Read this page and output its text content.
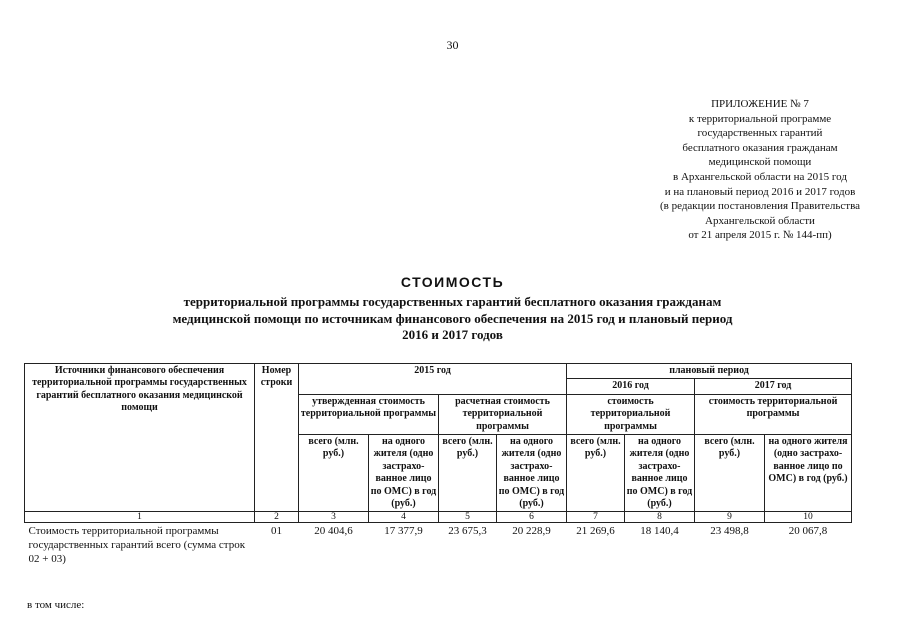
30
ПРИЛОЖЕНИЕ № 7
к территориальной программе
государственных гарантий
бесплатного оказания гражданам
медицинской помощи
в Архангельской области на 2015 год
и на плановый период 2016 и 2017 годов
(в редакции постановления Правительства
Архангельской области
от 21 апреля 2015 г. № 144-пп)
СТОИМОСТЬ
территориальной программы государственных гарантий бесплатного оказания гражданам
медицинской помощи по источникам финансового обеспечения на 2015 год и плановый период
2016 и 2017 годов
Источники финансового обеспечения территориальной программы государственных гарантий бесплатного оказания медицинской помощи	Номер строки	2015 год				плановый период			
						2016 год		2017 год	
		утвержденная стоимость территориальной программы		расчетная стоимость территориальной программы		стоимость территориальной программы		стоимость территориальной программы	
		всего (млн. руб.)	на одного жителя (одно застрахо-ванное лицо по ОМС) в год (руб.)	всего (млн. руб.)	на одного жителя (одно застрахо-ванное лицо по ОМС) в год (руб.)	всего (млн. руб.)	на одного жителя (одно застрахо-ванное лицо по ОМС) в год (руб.)	всего (млн. руб.)	на одного жителя (одно застрахо-ванное лицо по ОМС) в год (руб.)
1	2	3	4	5	6	7	8	9	10
Стоимость территориальной программы государственных гарантий всего (сумма строк 02 + 03)	01	20 404,6	17 377,9	23 675,3	20 228,9	21 269,6	18 140,4	23 498,8	20 067,8
в том числе:
